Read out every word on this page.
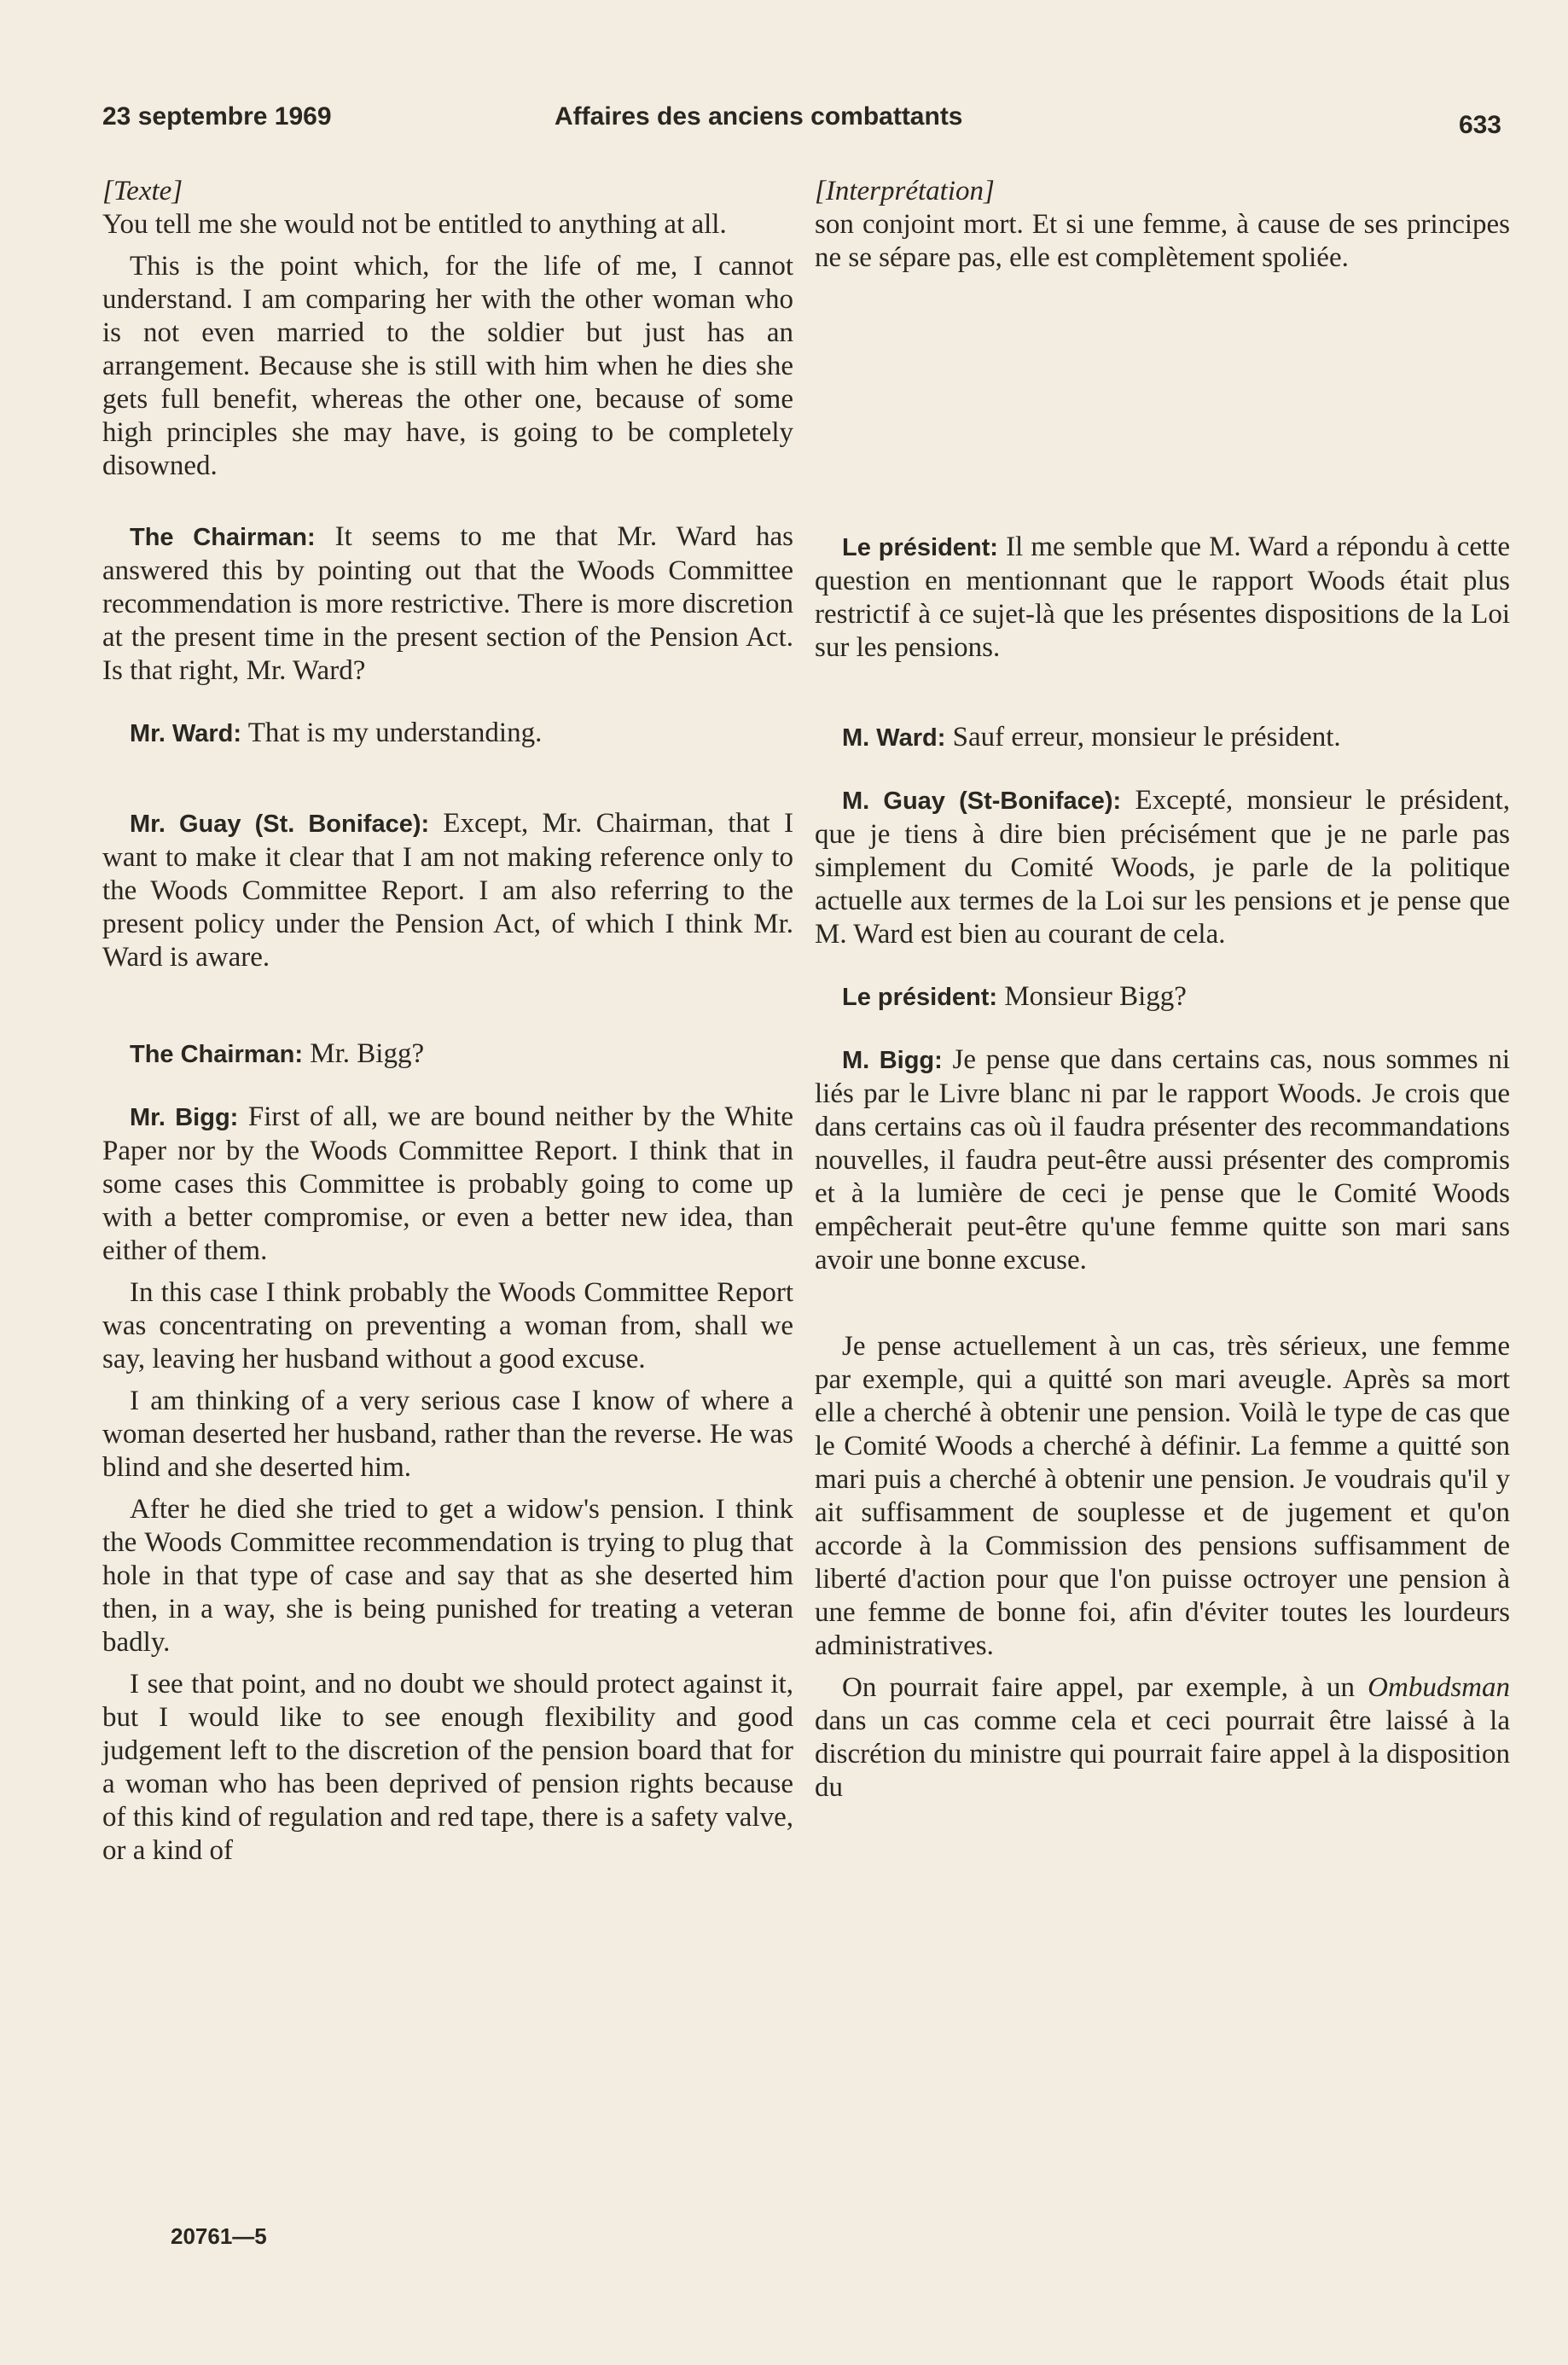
23 septembre 1969	Affaires des anciens combattants	633

[Texte]

You tell me she would not be entitled to anything at all.

This is the point which, for the life of me, I cannot understand. I am comparing her with the other woman who is not even married to the soldier but just has an arrangement. Because she is still with him when he dies she gets full benefit, whereas the other one, because of some high principles she may have, is going to be completely disowned.

The Chairman: It seems to me that Mr. Ward has answered this by pointing out that the Woods Committee recommendation is more restrictive. There is more discretion at the present time in the present section of the Pension Act. Is that right, Mr. Ward?

Mr. Ward: That is my understanding.

Mr. Guay (St. Boniface): Except, Mr. Chairman, that I want to make it clear that I am not making reference only to the Woods Committee Report. I am also referring to the present policy under the Pension Act, of which I think Mr. Ward is aware.

The Chairman: Mr. Bigg?

Mr. Bigg: First of all, we are bound neither by the White Paper nor by the Woods Committee Report. I think that in some cases this Committee is probably going to come up with a better compromise, or even a better new idea, than either of them.

In this case I think probably the Woods Committee Report was concentrating on preventing a woman from, shall we say, leaving her husband without a good excuse.

I am thinking of a very serious case I know of where a woman deserted her husband, rather than the reverse. He was blind and she deserted him.

After he died she tried to get a widow's pension. I think the Woods Committee recommendation is trying to plug that hole in that type of case and say that as she deserted him then, in a way, she is being punished for treating a veteran badly.

I see that point, and no doubt we should protect against it, but I would like to see enough flexibility and good judgement left to the discretion of the pension board that for a woman who has been deprived of pension rights because of this kind of regulation and red tape, there is a safety valve, or a kind of

[Interprétation]

son conjoint mort. Et si une femme, à cause de ses principes ne se sépare pas, elle est complètement spoliée.

Le président: Il me semble que M. Ward a répondu à cette question en mentionnant que le rapport Woods était plus restrictif à ce sujet-là que les présentes dispositions de la Loi sur les pensions.

M. Ward: Sauf erreur, monsieur le président.

M. Guay (St-Boniface): Excepté, monsieur le président, que je tiens à dire bien précisément que je ne parle pas simplement du Comité Woods, je parle de la politique actuelle aux termes de la Loi sur les pensions et je pense que M. Ward est bien au courant de cela.

Le président: Monsieur Bigg?

M. Bigg: Je pense que dans certains cas, nous sommes ni liés par le Livre blanc ni par le rapport Woods. Je crois que dans certains cas où il faudra présenter des recommandations nouvelles, il faudra peut-être aussi présenter des compromis et à la lumière de ceci je pense que le Comité Woods empêcherait peut-être qu'une femme quitte son mari sans avoir une bonne excuse.

Je pense actuellement à un cas, très sérieux, une femme par exemple, qui a quitté son mari aveugle. Après sa mort elle a cherché à obtenir une pension. Voilà le type de cas que le Comité Woods a cherché à définir. La femme a quitté son mari puis a cherché à obtenir une pension. Je voudrais qu'il y ait suffisamment de souplesse et de jugement et qu'on accorde à la Commission des pensions suffisamment de liberté d'action pour que l'on puisse octroyer une pension à une femme de bonne foi, afin d'éviter toutes les lourdeurs administratives.

On pourrait faire appel, par exemple, à un Ombudsman dans un cas comme cela et ceci pourrait être laissé à la discrétion du ministre qui pourrait faire appel à la disposition du

20761—5
